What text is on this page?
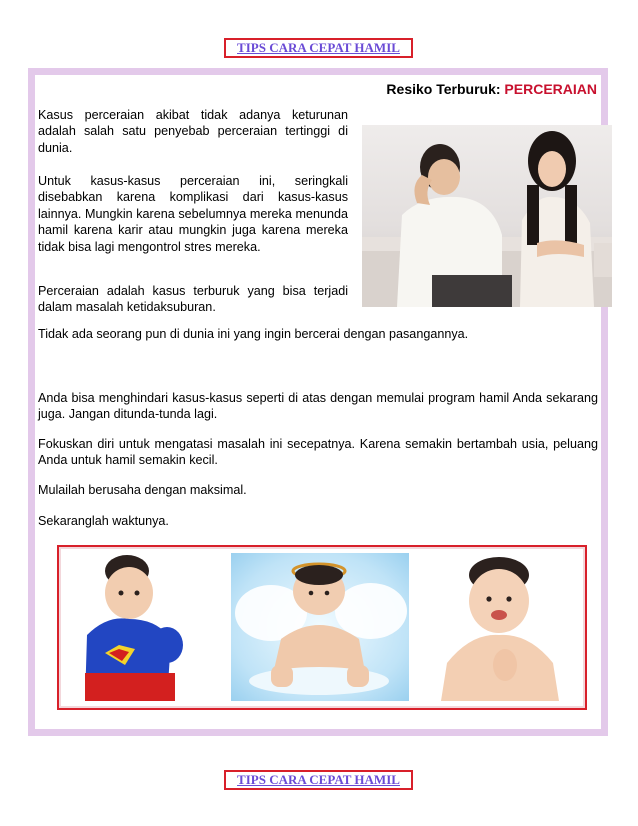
TIPS CARA CEPAT HAMIL
Resiko Terburuk: PERCERAIAN
Kasus perceraian akibat tidak adanya keturunan adalah salah satu penyebab perceraian tertinggi di dunia.
Untuk kasus-kasus perceraian ini, seringkali disebabkan karena komplikasi dari kasus-kasus lainnya. Mungkin karena sebelumnya mereka menunda hamil karena karir atau mungkin juga karena mereka tidak bisa lagi mengontrol stres mereka.
Perceraian adalah kasus terburuk yang bisa terjadi dalam masalah ketidaksuburan.
Tidak ada seorang pun di dunia ini yang ingin bercerai dengan pasangannya.
Anda bisa menghindari kasus-kasus seperti di atas dengan memulai program hamil Anda sekarang juga. Jangan ditunda-tunda lagi.
Fokuskan diri untuk mengatasi masalah ini secepatnya. Karena semakin bertambah usia, peluang Anda untuk hamil semakin kecil.
Mulailah berusaha dengan maksimal.
Sekaranglah waktunya.
TIPS CARA CEPAT HAMIL
